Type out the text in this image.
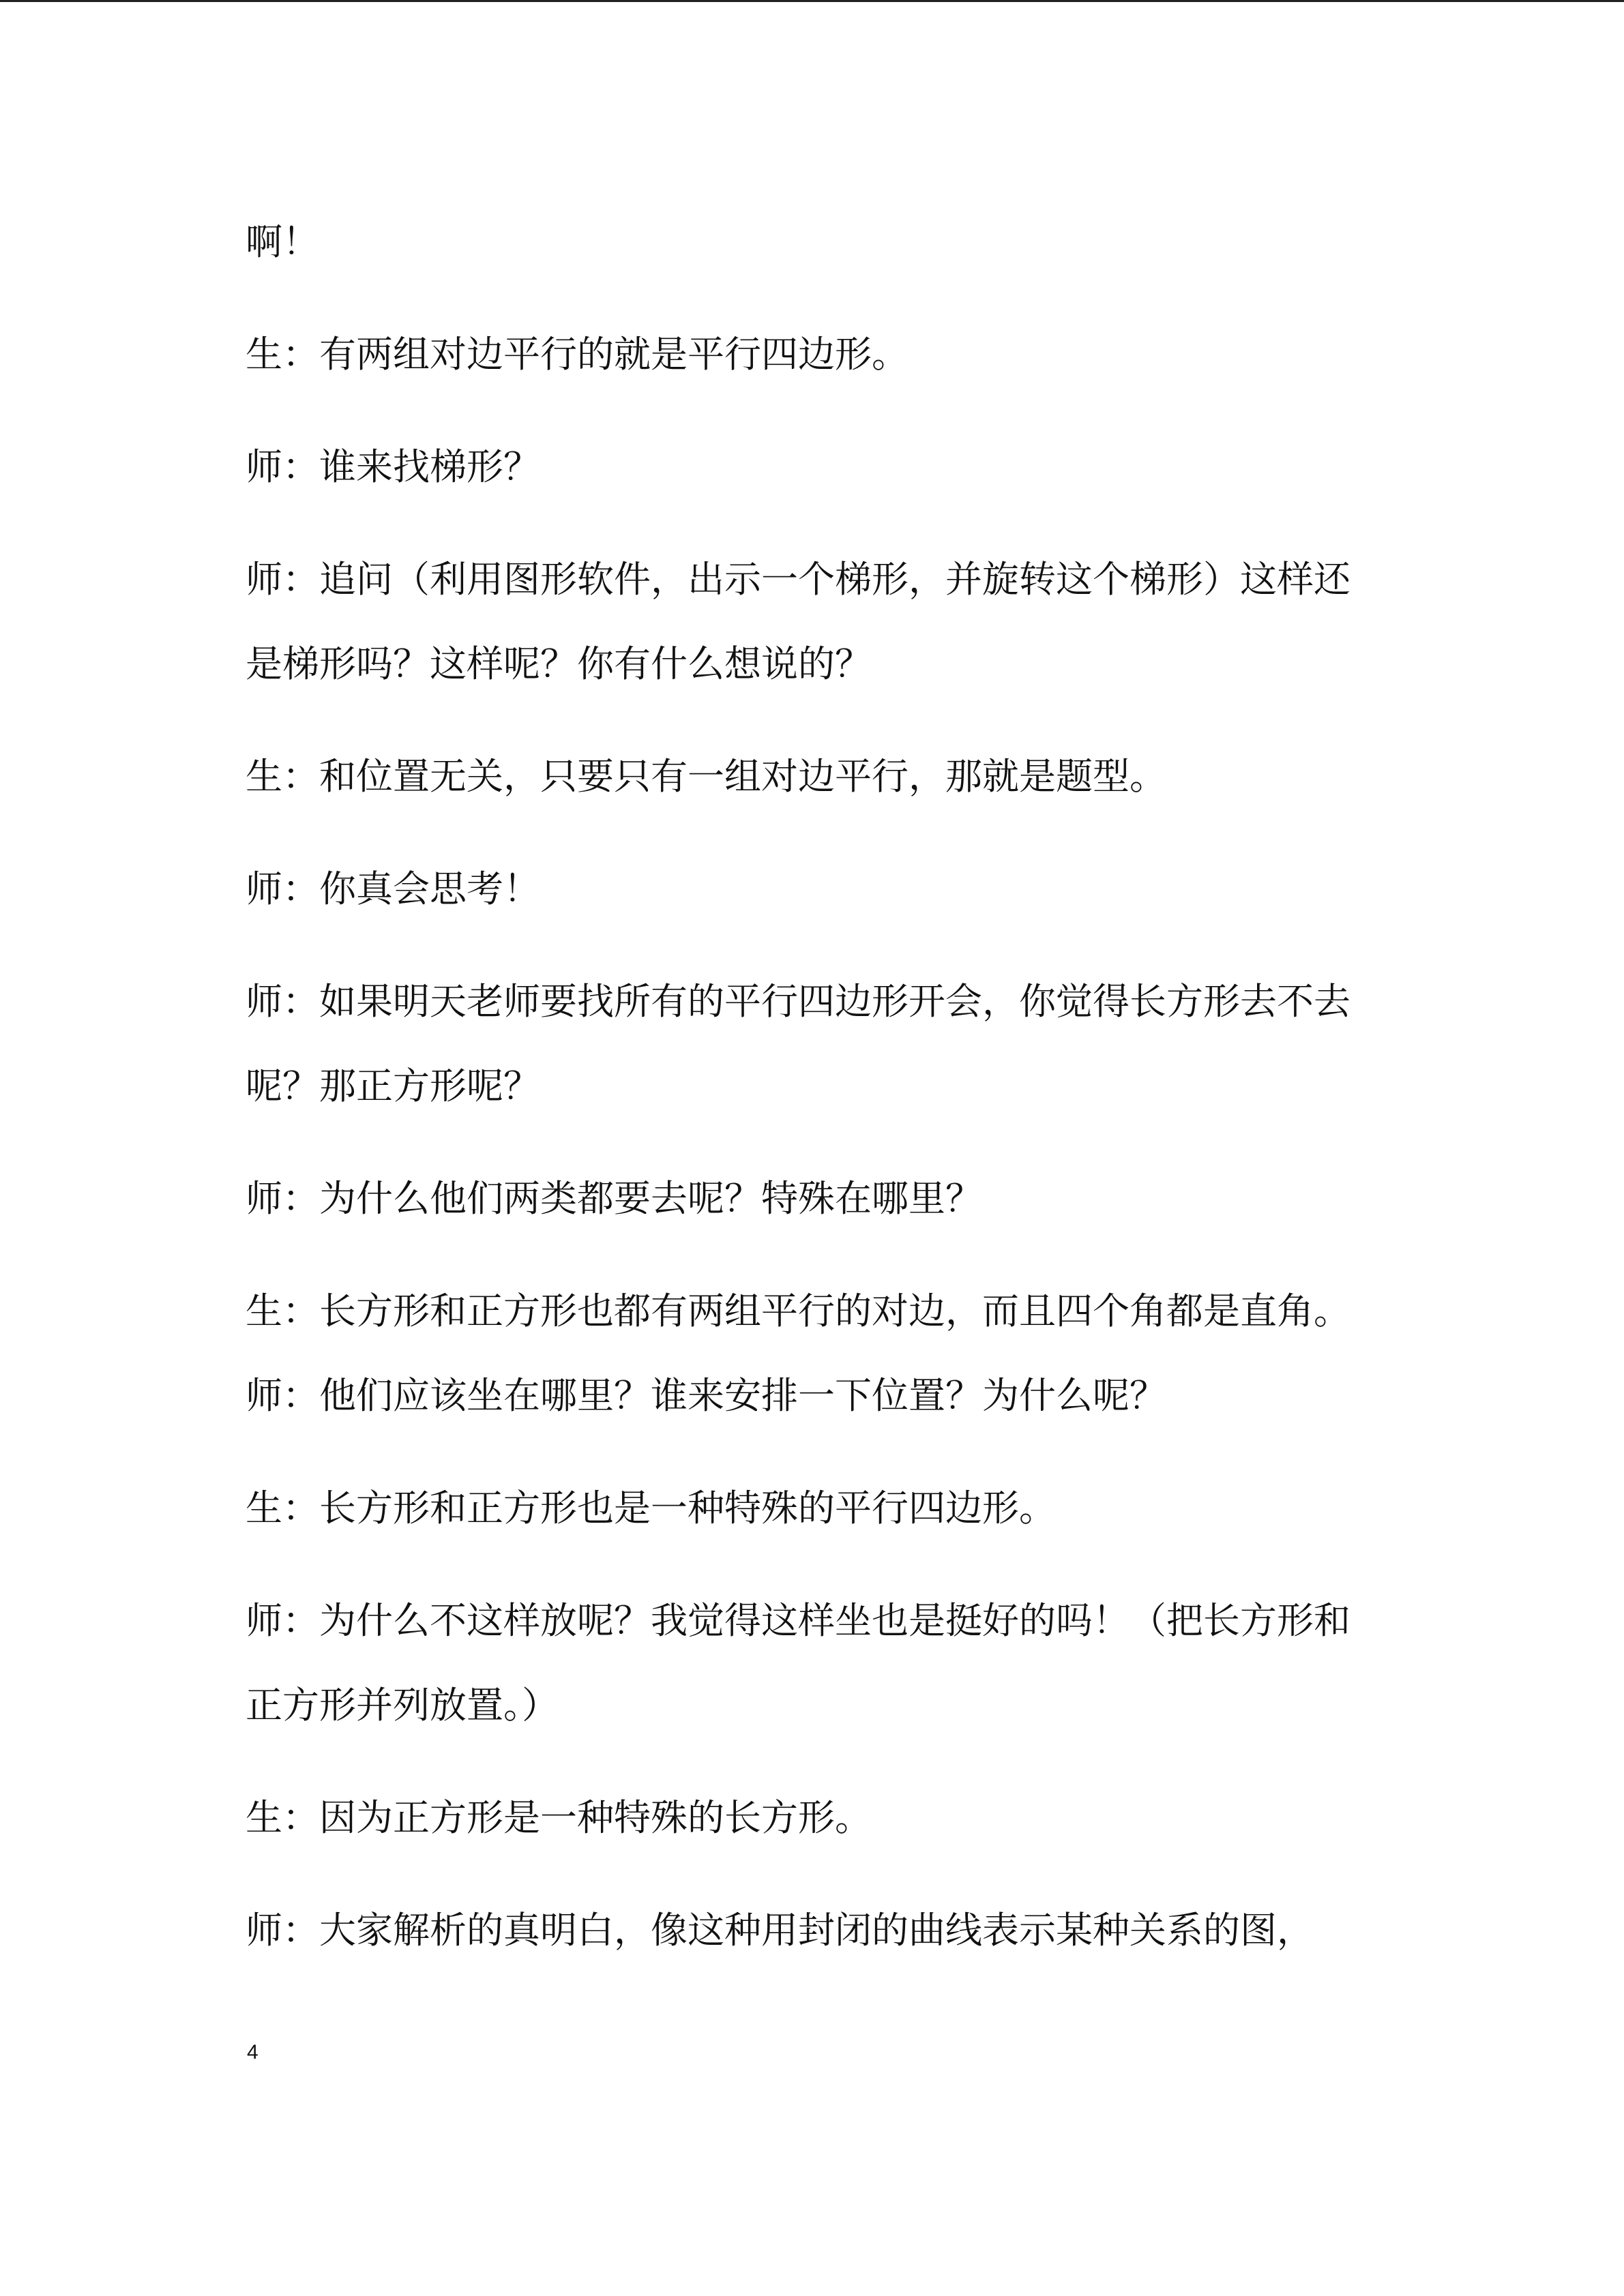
啊！

生：有两组对边平行的就是平行四边形。

师：谁来找梯形？

师：追问（利用图形软件，出示一个梯形，并旋转这个梯形）这样还是梯形吗？这样呢？你有什么想说的？

生：和位置无关，只要只有一组对边平行，那就是题型。

师：你真会思考！

师：如果明天老师要找所有的平行四边形开会，你觉得长方形去不去呢？那正方形呢？

师：为什么他们两类都要去呢？特殊在哪里？

生：长方形和正方形也都有两组平行的对边，而且四个角都是直角。师：他们应该坐在哪里？谁来安排一下位置？为什么呢？

生：长方形和正方形也是一种特殊的平行四边形。

师：为什么不这样放呢？我觉得这样坐也是挺好的吗！（把长方形和正方形并列放置。）

生：因为正方形是一种特殊的长方形。

师：大家解析的真明白，像这种用封闭的曲线表示某种关系的图，

4
